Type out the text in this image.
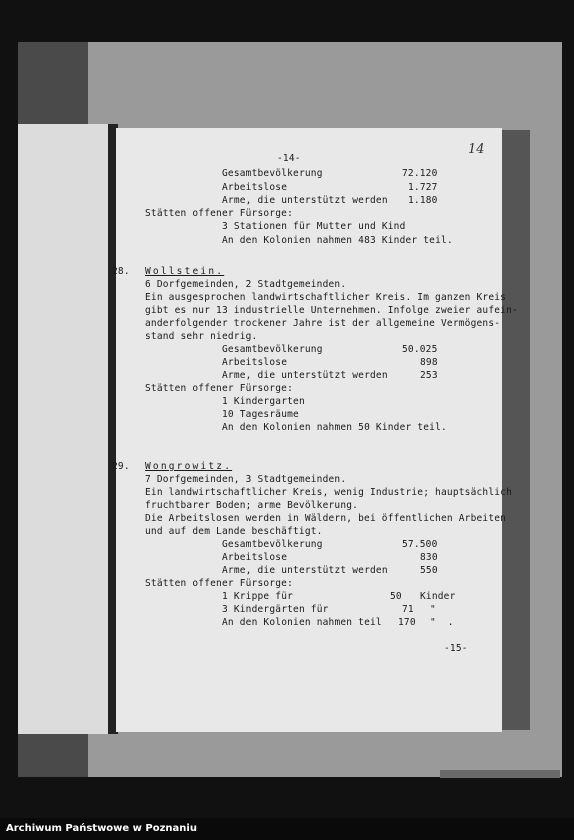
-14-
14
Gesamtbevölkerung	72.120
Arbeitslose	1.727
Arme, die unterstützt werden 1.180
Stätten offener Fürsorge:
3 Stationen für Mutter und Kind
An den Kolonien nahmen 483 Kinder teil.
28. Wollstein.
6 Dorfgemeinden, 2 Stadtgemeinden.
Ein ausgesprochen landwirtschaftlicher Kreis. Im ganzen Kreis
gibt es nur 13 industrielle Unternehmen. Infolge zweier aufein-
anderfolgender trockener Jahre ist der allgemeine Vermögens-
stand sehr niedrig.
Gesamtbevölkerung	50.025
Arbeitslose	898
Arme, die unterstützt werden	253
Stätten offener Fürsorge:
1 Kindergarten
10 Tagesräume
An den Kolonien nahmen 50 Kinder teil.
29. Wongrowitz.
7 Dorfgemeinden, 3 Stadtgemeinden.
Ein landwirtschaftlicher Kreis, wenig Industrie; hauptsächlich
fruchtbarer Boden; arme Bevölkerung.
Die Arbeitslosen werden in Wäldern, bei öffentlichen Arbeiten
und auf dem Lande beschäftigt.
Gesamtbevölkerung	57.500
Arbeitslose	830
Arme, die unterstützt werden	550
Stätten offener Fürsorge:
1 Krippe für	50 Kinder
3 Kindergärten für	71 "
An den Kolonien nahmen teil 170 "  .
-15-
Archiwum Państwowe w Poznaniu
